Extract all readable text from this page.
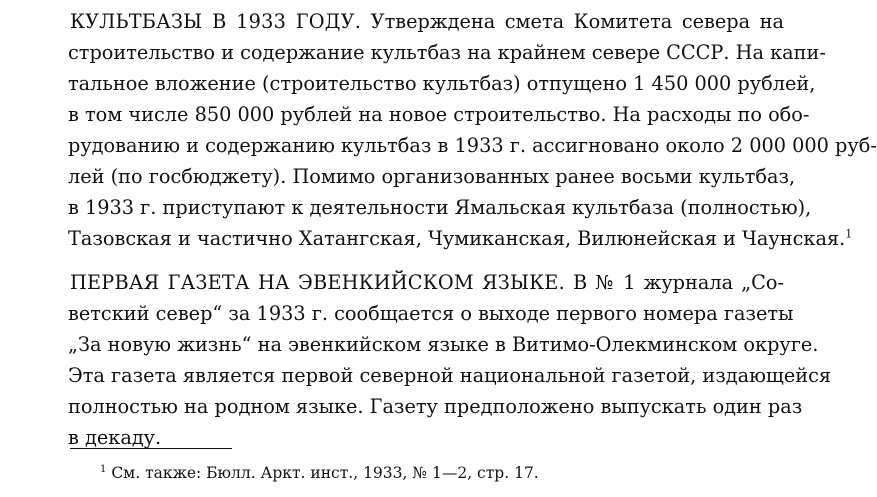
КУЛЬТБАЗЫ В 1933 ГОДУ. Утверждена смета Комитета севера на
строительство и содержание культбаз на крайнем севере СССР. На капи-
тальное вложение (строительство культбаз) отпущено 1 450 000 рублей,
в том числе 850 000 рублей на новое строительство. На расходы по обо-
рудованию и содержанию культбаз в 1933 г. ассигновано около 2 000 000 руб-
лей (по госбюджету). Помимо организованных ранее восьми культбаз,
в 1933 г. приступают к деятельности Ямальская культбаза (полностью),
Тазовская и частично Хатангская, Чумиканская, Вилюнейская и Чаунская.$^1$
ПЕРВАЯ ГАЗЕТА НА ЭВЕНКИЙСКОМ ЯЗЫКЕ. В № 1 журнала „Со-
ветский север“ за 1933 г. сообщается о выходе первого номера газеты
„За новую жизнь“ на эвенкийском языке в Витимо-Олекминском округе.
Эта газета является первой северной национальной газетой, издающейся
полностью на родном языке. Газету предположено выпускать один раз
в декаду.
$^1$ См. также: Бюлл. Аркт. инст., 1933, № 1—2, стр. 17.
